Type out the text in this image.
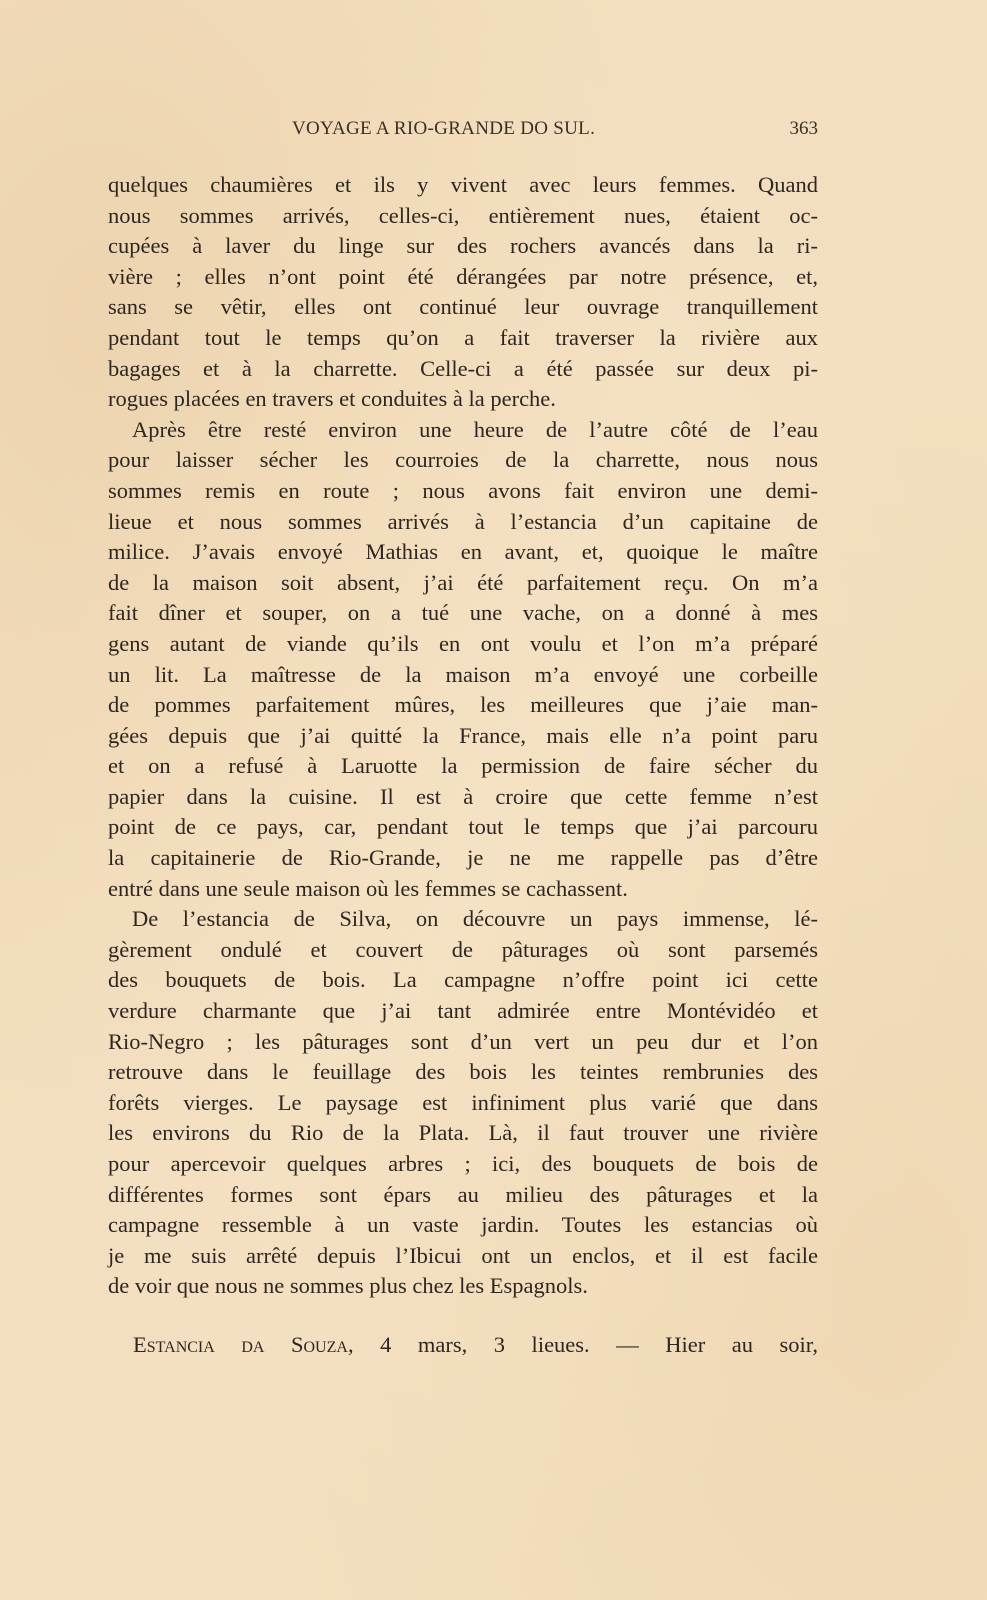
VOYAGE A RIO-GRANDE DO SUL.	363
quelques chaumières et ils y vivent avec leurs femmes. Quand
nous sommes arrivés, celles-ci, entièrement nues, étaient oc-
cupées à laver du linge sur des rochers avancés dans la ri-
vière ; elles n’ont point été dérangées par notre présence, et,
sans se vêtir, elles ont continué leur ouvrage tranquillement
pendant tout le temps qu’on a fait traverser la rivière aux
bagages et à la charrette. Celle-ci a été passée sur deux pi-
rogues placées en travers et conduites à la perche.
Après être resté environ une heure de l’autre côté de l’eau
pour laisser sécher les courroies de la charrette, nous nous
sommes remis en route ; nous avons fait environ une demi-
lieue et nous sommes arrivés à l’estancia d’un capitaine de
milice. J’avais envoyé Mathias en avant, et, quoique le maître
de la maison soit absent, j’ai été parfaitement reçu. On m’a
fait dîner et souper, on a tué une vache, on a donné à mes
gens autant de viande qu’ils en ont voulu et l’on m’a préparé
un lit. La maîtresse de la maison m’a envoyé une corbeille
de pommes parfaitement mûres, les meilleures que j’aie man-
gées depuis que j’ai quitté la France, mais elle n’a point paru
et on a refusé à Laruotte la permission de faire sécher du
papier dans la cuisine. Il est à croire que cette femme n’est
point de ce pays, car, pendant tout le temps que j’ai parcouru
la capitainerie de Rio-Grande, je ne me rappelle pas d’être
entré dans une seule maison où les femmes se cachassent.
De l’estancia de Silva, on découvre un pays immense, lé-
gèrement ondulé et couvert de pâturages où sont parsemés
des bouquets de bois. La campagne n’offre point ici cette
verdure charmante que j’ai tant admirée entre Montévidéo et
Rio-Negro ; les pâturages sont d’un vert un peu dur et l’on
retrouve dans le feuillage des bois les teintes rembrunies des
forêts vierges. Le paysage est infiniment plus varié que dans
les environs du Rio de la Plata. Là, il faut trouver une rivière
pour apercevoir quelques arbres ; ici, des bouquets de bois de
différentes formes sont épars au milieu des pâturages et la
campagne ressemble à un vaste jardin. Toutes les estancias où
je me suis arrêté depuis l’Ibicui ont un enclos, et il est facile
de voir que nous ne sommes plus chez les Espagnols.
Estancia da Souza, 4 mars, 3 lieues. — Hier au soir,
